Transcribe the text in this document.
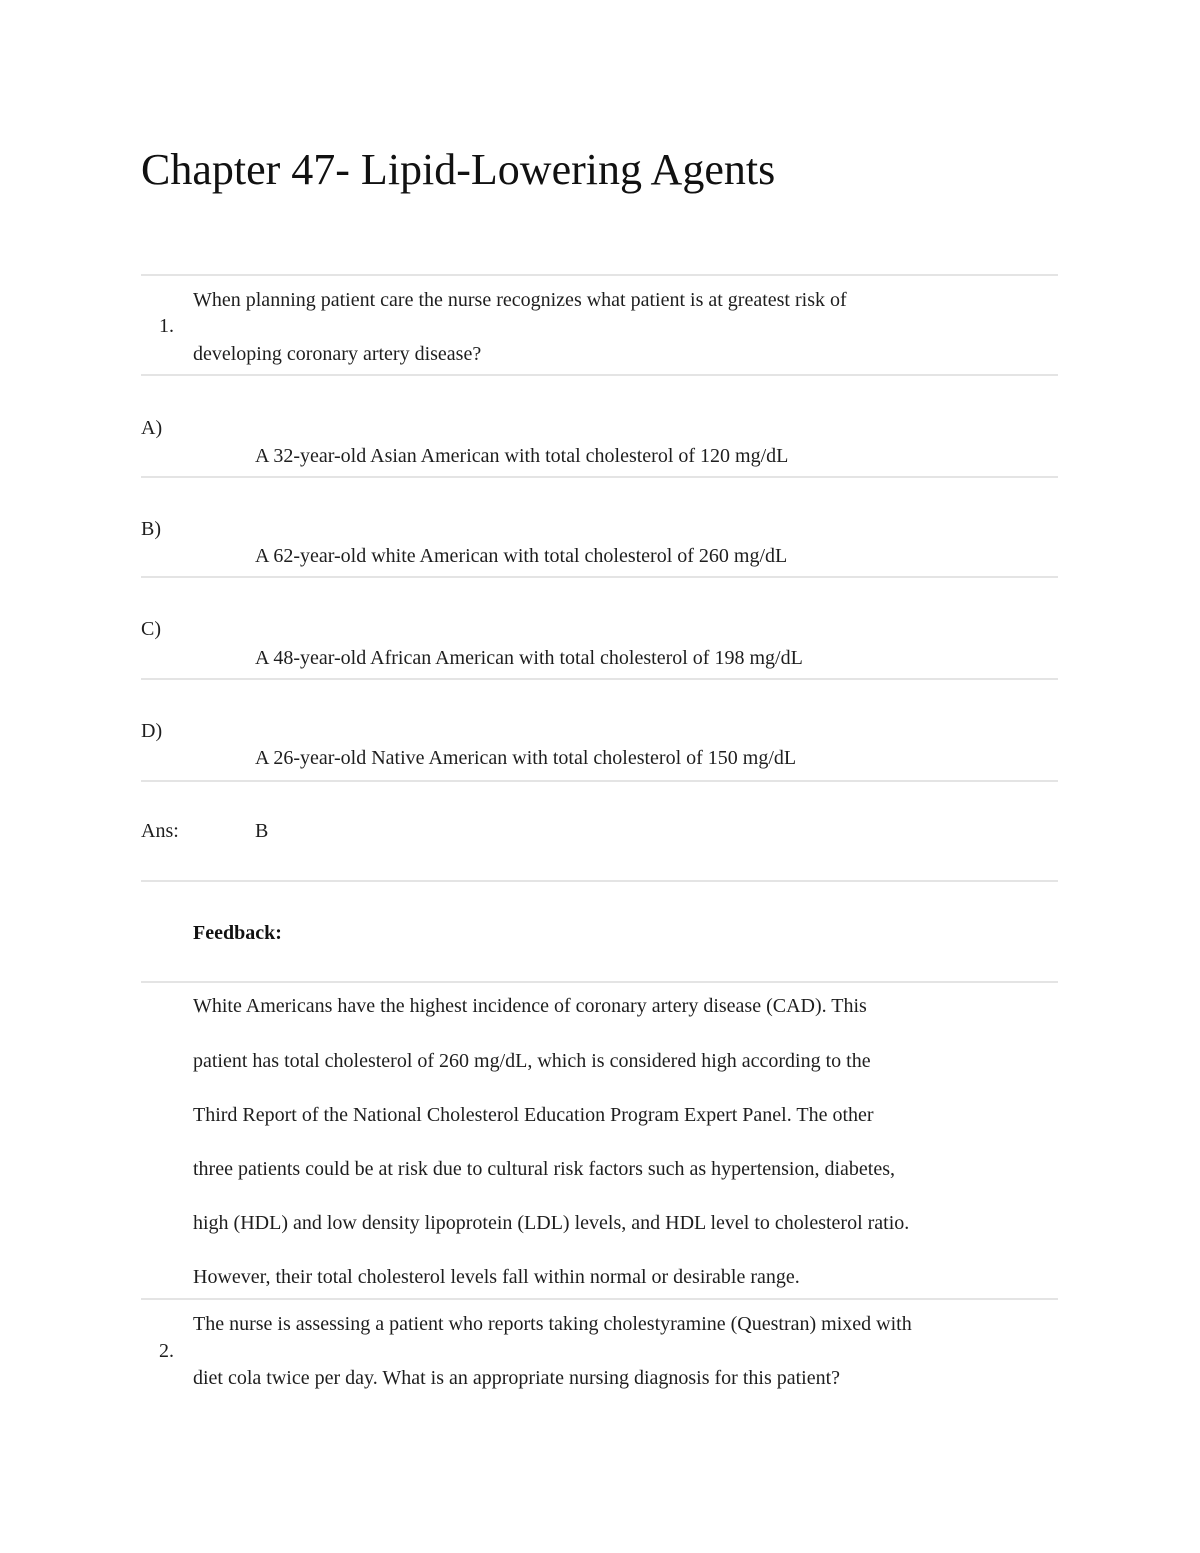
Chapter 47- Lipid-Lowering Agents
1.
When planning patient care the nurse recognizes what patient is at greatest risk of
developing coronary artery disease?
A)
A 32-year-old Asian American with total cholesterol of 120 mg/dL
B)
A 62-year-old white American with total cholesterol of 260 mg/dL
C)
A 48-year-old African American with total cholesterol of 198 mg/dL
D)
A 26-year-old Native American with total cholesterol of 150 mg/dL
Ans:	B
Feedback:
White Americans have the highest incidence of coronary artery disease (CAD). This
patient has total cholesterol of 260 mg/dL, which is considered high according to the
Third Report of the National Cholesterol Education Program Expert Panel. The other
three patients could be at risk due to cultural risk factors such as hypertension, diabetes,
high (HDL) and low density lipoprotein (LDL) levels, and HDL level to cholesterol ratio.
However, their total cholesterol levels fall within normal or desirable range.
2.
The nurse is assessing a patient who reports taking cholestyramine (Questran) mixed with
diet cola twice per day. What is an appropriate nursing diagnosis for this patient?
